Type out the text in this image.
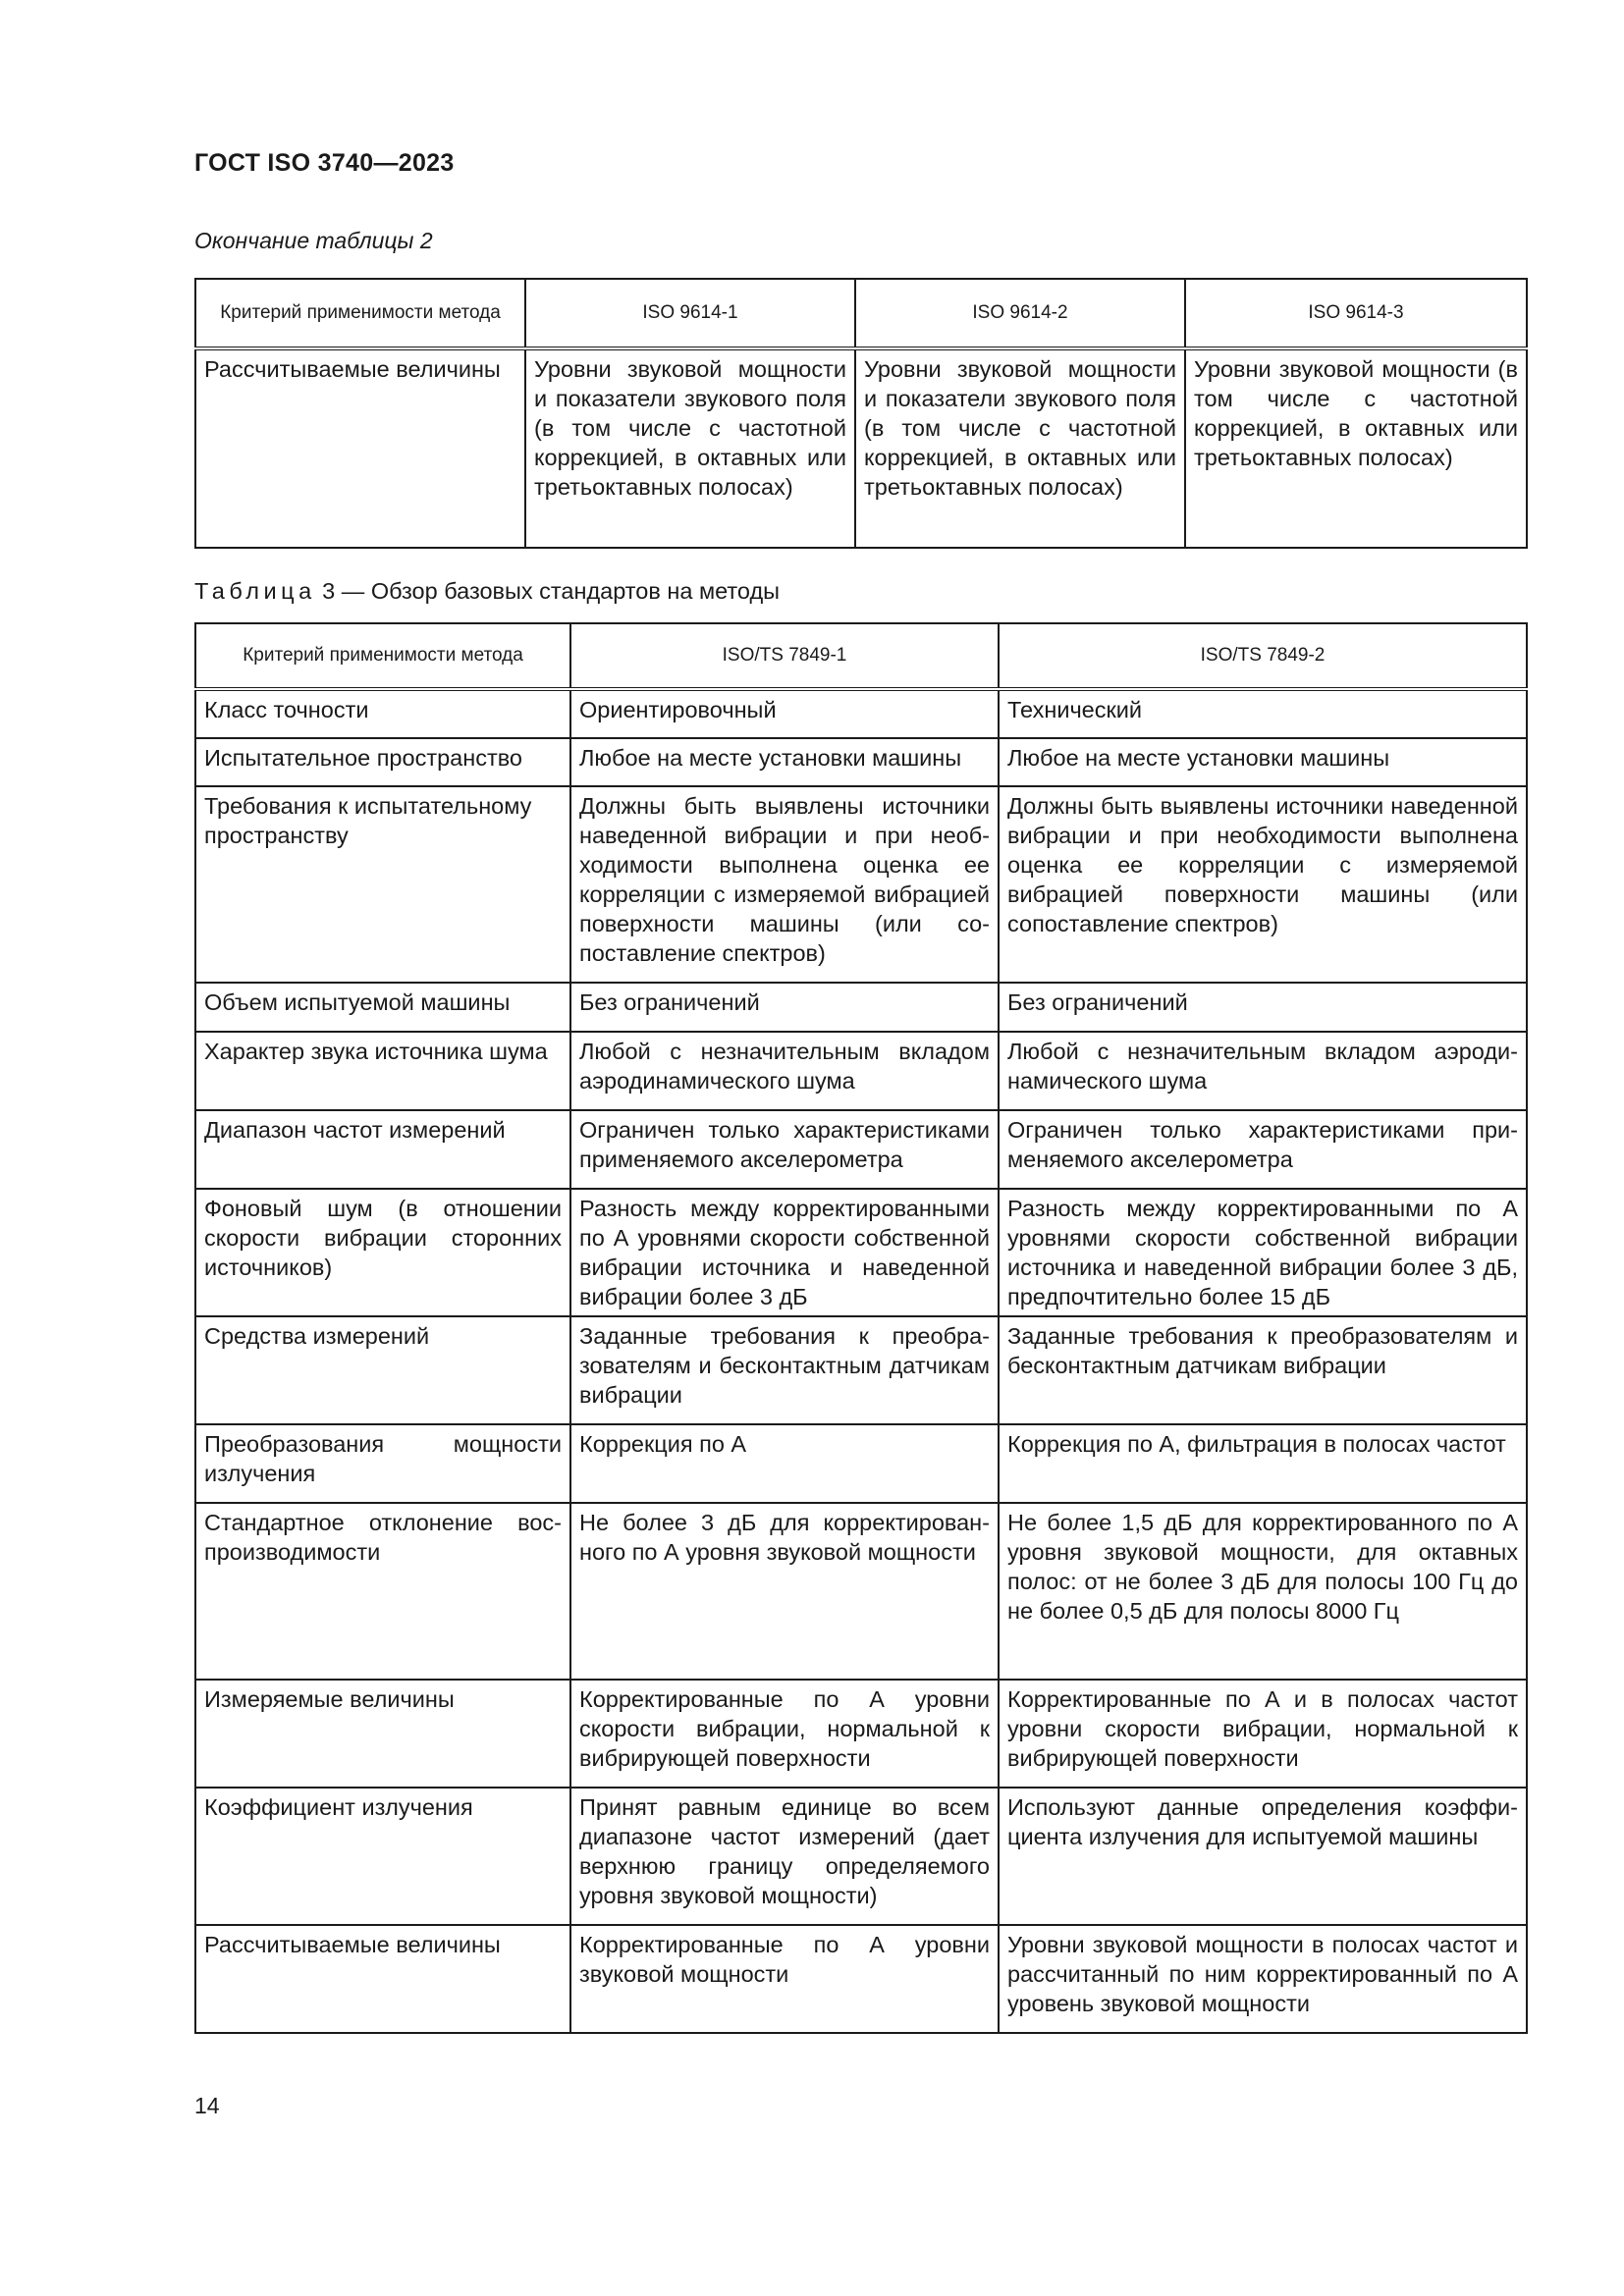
ГОСТ ISO 3740—2023
Окончание таблицы 2
Критерий применимости метода	ISO 9614-1	ISO 9614-2	ISO 9614-3
Рассчитываемые величины	Уровни звуковой мощности и показатели звукового поля (в том числе с частотной коррекцией, в октавных или третьоктавных полосах)	Уровни звуковой мощности и показатели звукового поля (в том числе с частотной коррекцией, в октавных или третьоктавных полосах)	Уровни звуковой мощности (в том числе с частотной коррекцией, в октавных или третьоктавных полосах)
Таблица 3 — Обзор базовых стандартов на методы
Критерий применимости метода	ISO/TS 7849-1	ISO/TS 7849-2
Класс точности	Ориентировочный	Технический
Испытательное пространство	Любое на месте установки машины	Любое на месте установки машины
Требования к испытательному пространству	Должны быть выявлены источники наведенной вибрации и при необходимости выполнена оценка ее корреляции с измеряемой вибрацией поверхности машины (или сопоставление спектров)	Должны быть выявлены источники наведенной вибрации и при необходимости выполнена оценка ее корреляции с измеряемой вибрацией поверхности машины (или сопоставление спектров)
Объем испытуемой машины	Без ограничений	Без ограничений
Характер звука источника шума	Любой с незначительным вкладом аэродинамического шума	Любой с незначительным вкладом аэродинамического шума
Диапазон частот измерений	Ограничен только характеристиками применяемого акселерометра	Ограничен только характеристиками применяемого акселерометра
Фоновый шум (в отношении скорости вибрации сторонних источников)	Разность между корректированными по А уровнями скорости собственной вибрации источника и наведенной вибрации более 3 дБ	Разность между корректированными по А уровнями скорости собственной вибрации источника и наведенной вибрации более 3 дБ, предпочтительно более 15 дБ
Средства измерений	Заданные требования к преобразователям и бесконтактным датчикам вибрации	Заданные требования к преобразователям и бесконтактным датчикам вибрации
Преобразования мощности излучения	Коррекция по А	Коррекция по А, фильтрация в полосах частот
Стандартное отклонение воспроизводимости	Не более 3 дБ для корректированного по А уровня звуковой мощности	Не более 1,5 дБ для корректированного по А уровня звуковой мощности, для октавных полос: от не более 3 дБ для полосы 100 Гц до не более 0,5 дБ для полосы 8000 Гц
Измеряемые величины	Корректированные по А уровни скорости вибрации, нормальной к вибрирующей поверхности	Корректированные по А и в полосах частот уровни скорости вибрации, нормальной к вибрирующей поверхности
Коэффициент излучения	Принят равным единице во всем диапазоне частот измерений (дает верхнюю границу определяемого уровня звуковой мощности)	Используют данные определения коэффициента излучения для испытуемой машины
Рассчитываемые величины	Корректированные по А уровни звуковой мощности	Уровни звуковой мощности в полосах частот и рассчитанный по ним корректированный по А уровень звуковой мощности
14
